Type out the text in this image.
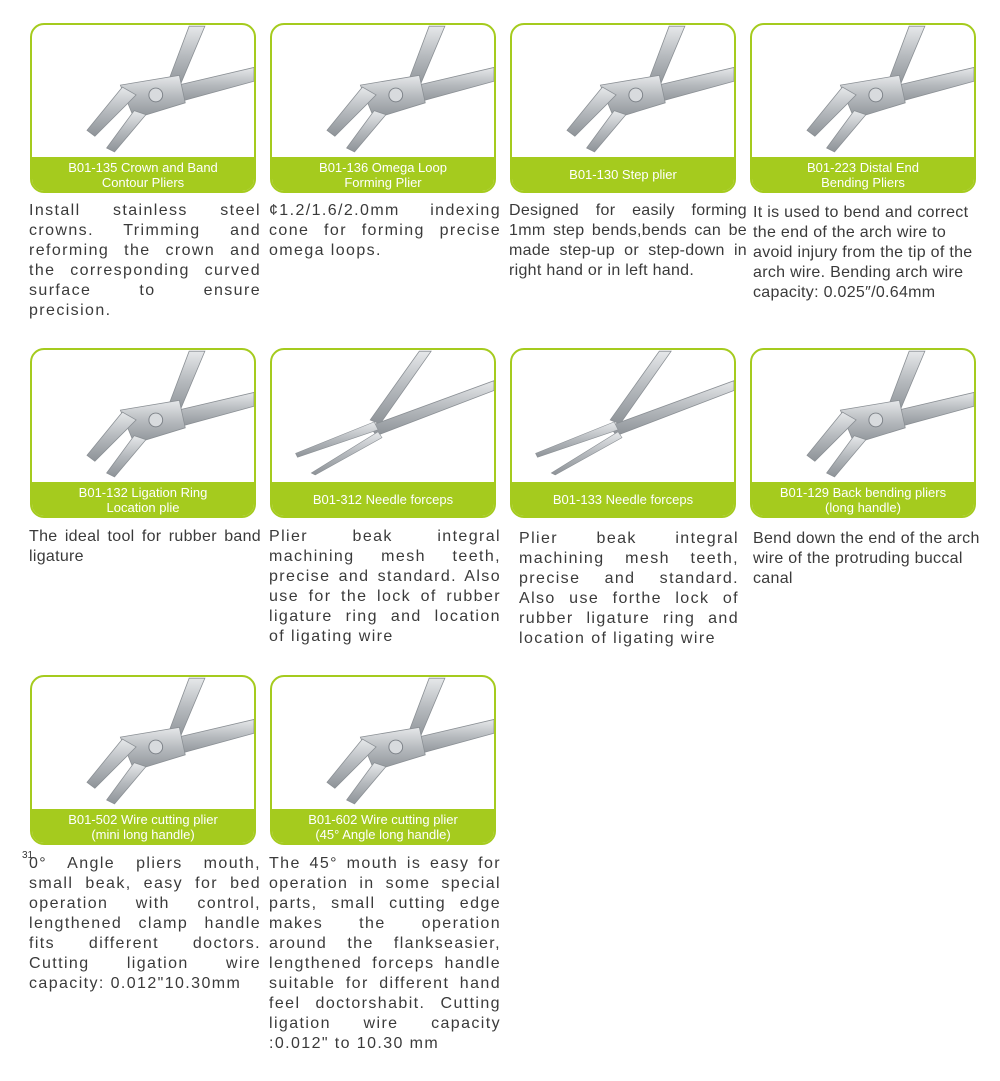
B01-135 Crown and Band
Contour Pliers
Install stainless steel crowns. Trimming and reforming the crown and the corresponding curved surface to ensure precision.
B01-136 Omega Loop
Forming Plier
¢1.2/1.6/2.0mm indexing cone for forming precise omega loops.
B01-130 Step plier
Designed for easily forming 1mm step bends,bends can be made step-up or step-down in right hand or in left hand.
B01-223 Distal End
Bending Pliers
It is used to bend and correct the end of the arch wire to avoid injury from the tip of the arch wire. Bending arch wire capacity: 0.025″/0.64mm
B01-132 Ligation Ring
Location plie
The ideal tool for rubber band ligature
B01-312 Needle forceps
Plier beak integral machining mesh teeth, precise and standard. Also use for the lock of rubber ligature ring and location of ligating wire
B01-133 Needle forceps
Plier beak integral machining mesh teeth, precise and standard. Also use forthe lock of rubber ligature ring and location of ligating wire
B01-129 Back bending pliers
(long handle)
Bend down the end of the arch wire of the protruding buccal canal
B01-502 Wire cutting plier
(mini long handle)
31
0° Angle pliers mouth, small beak, easy for bed operation with control, lengthened clamp handle fits different doctors. Cutting ligation wire capacity: 0.012"10.30mm
B01-602 Wire cutting plier
(45° Angle long handle)
The 45° mouth is easy for operation in some special parts, small cutting edge makes the operation around the flankseasier, lengthened forceps handle suitable for different hand feel doctorshabit. Cutting ligation wire capacity :0.012" to 10.30 mm
